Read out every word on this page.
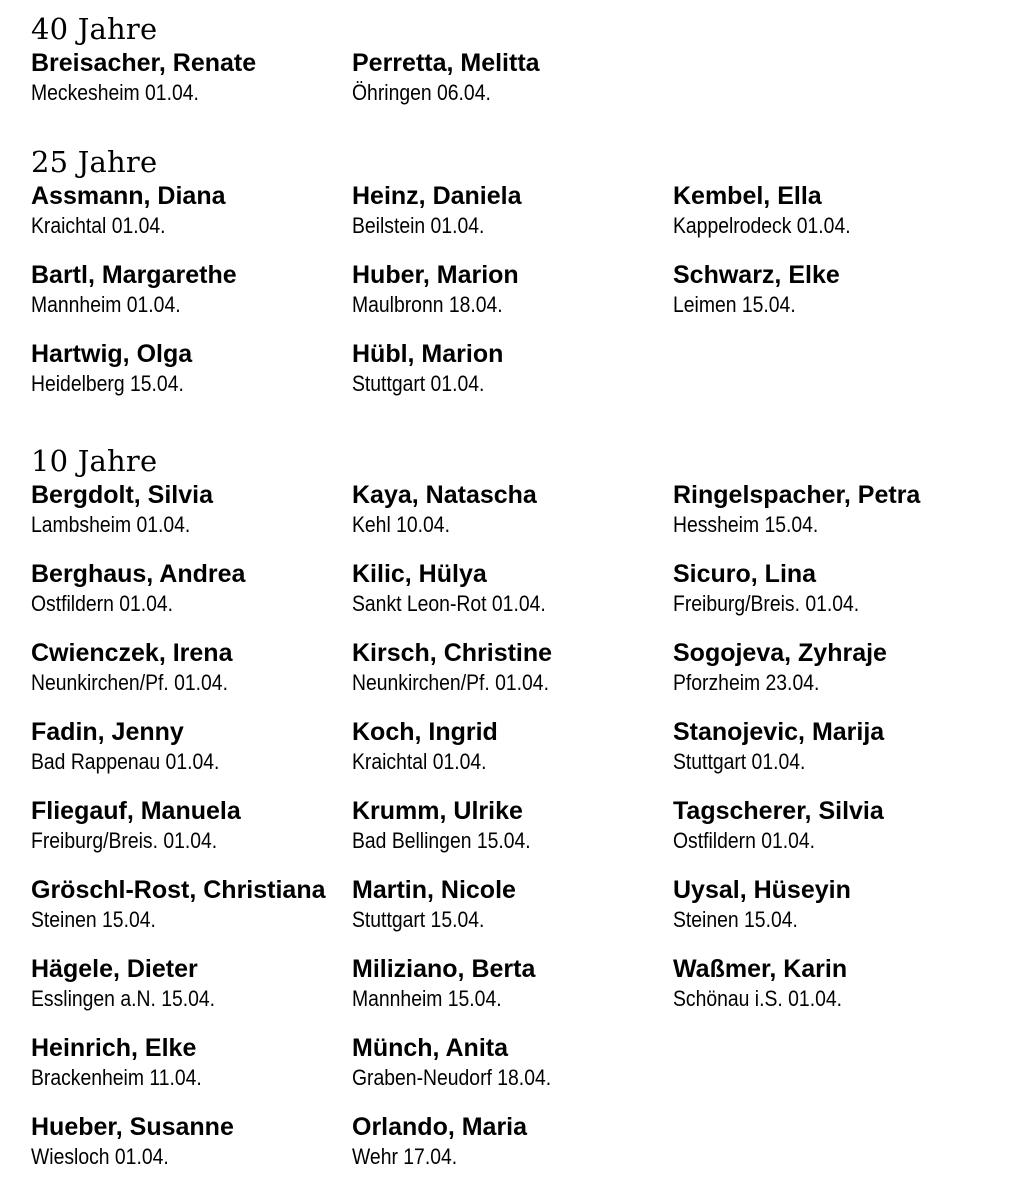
40 Jahre
Breisacher, Renate
Meckesheim 01.04.
Perretta, Melitta
Öhringen 06.04.
25 Jahre
Assmann, Diana
Kraichtal 01.04.
Heinz, Daniela
Beilstein 01.04.
Kembel, Ella
Kappelrodeck 01.04.
Bartl, Margarethe
Mannheim 01.04.
Huber, Marion
Maulbronn 18.04.
Schwarz, Elke
Leimen 15.04.
Hartwig, Olga
Heidelberg 15.04.
Hübl, Marion
Stuttgart 01.04.
10 Jahre
Bergdolt, Silvia
Lambsheim 01.04.
Kaya, Natascha
Kehl 10.04.
Ringelspacher, Petra
Hessheim 15.04.
Berghaus, Andrea
Ostfildern 01.04.
Kilic, Hülya
Sankt Leon-Rot 01.04.
Sicuro, Lina
Freiburg/Breis. 01.04.
Cwienczek, Irena
Neunkirchen/Pf. 01.04.
Kirsch, Christine
Neunkirchen/Pf. 01.04.
Sogojeva, Zyhraje
Pforzheim 23.04.
Fadin, Jenny
Bad Rappenau 01.04.
Koch, Ingrid
Kraichtal 01.04.
Stanojevic, Marija
Stuttgart 01.04.
Fliegauf, Manuela
Freiburg/Breis. 01.04.
Krumm, Ulrike
Bad Bellingen 15.04.
Tagscherer, Silvia
Ostfildern 01.04.
Gröschl-Rost, Christiana
Steinen 15.04.
Martin, Nicole
Stuttgart 15.04.
Uysal, Hüseyin
Steinen 15.04.
Hägele, Dieter
Esslingen a.N. 15.04.
Miliziano, Berta
Mannheim 15.04.
Waßmer, Karin
Schönau i.S. 01.04.
Heinrich, Elke
Brackenheim 11.04.
Münch, Anita
Graben-Neudorf 18.04.
Hueber, Susanne
Wiesloch 01.04.
Orlando, Maria
Wehr 17.04.
